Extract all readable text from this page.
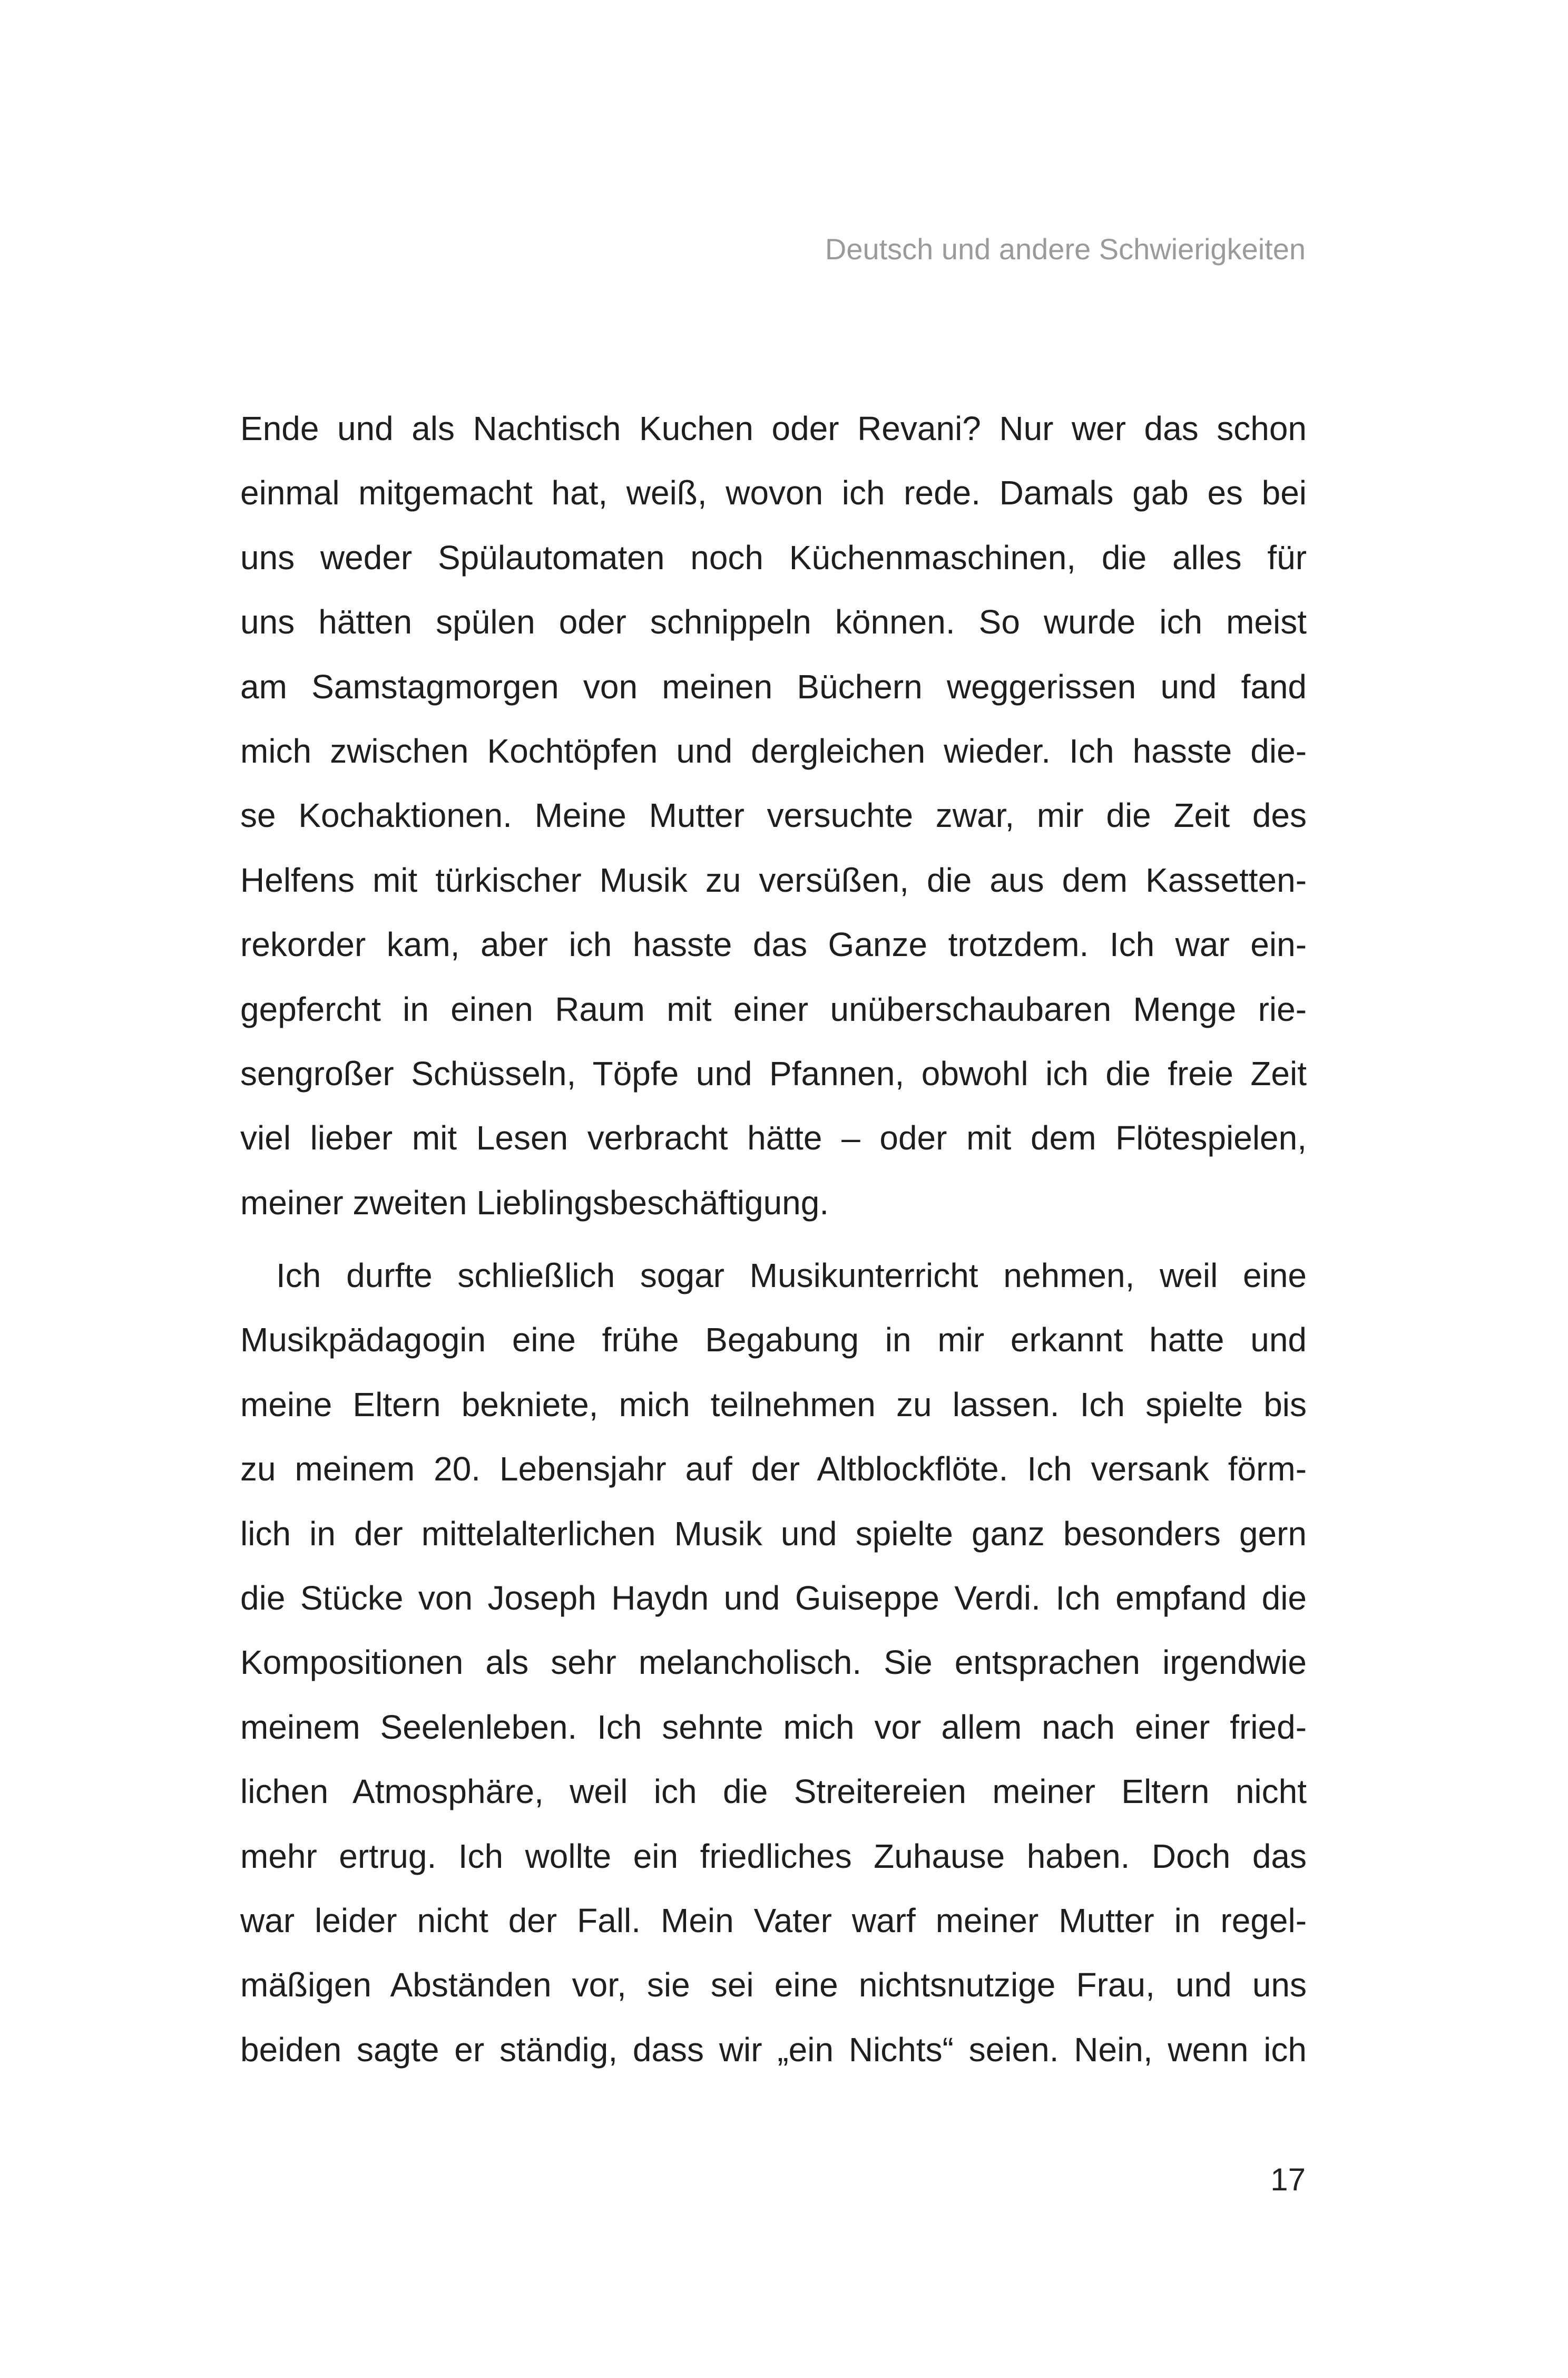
Deutsch und andere Schwierigkeiten
Ende und als Nachtisch Kuchen oder Revani? Nur wer das schon
einmal mitgemacht hat, weiß, wovon ich rede. Damals gab es bei
uns weder Spülautomaten noch Küchenmaschinen, die alles für
uns hätten spülen oder schnippeln können. So wurde ich meist
am Samstagmorgen von meinen Büchern weggerissen und fand
mich zwischen Kochtöpfen und dergleichen wieder. Ich hasste die-
se Kochaktionen. Meine Mutter versuchte zwar, mir die Zeit des
Helfens mit türkischer Musik zu versüßen, die aus dem Kassetten-
rekorder kam, aber ich hasste das Ganze trotzdem. Ich war ein-
gepfercht in einen Raum mit einer unüberschaubaren Menge rie-
sengroßer Schüsseln, Töpfe und Pfannen, obwohl ich die freie Zeit
viel lieber mit Lesen verbracht hätte – oder mit dem Flötespielen,
meiner zweiten Lieblingsbeschäftigung.
Ich durfte schließlich sogar Musikunterricht nehmen, weil eine
Musikpädagogin eine frühe Begabung in mir erkannt hatte und
meine Eltern bekniete, mich teilnehmen zu lassen. Ich spielte bis
zu meinem 20. Lebensjahr auf der Altblockflöte. Ich versank förm-
lich in der mittelalterlichen Musik und spielte ganz besonders gern
die Stücke von Joseph Haydn und Guiseppe Verdi. Ich empfand die
Kompositionen als sehr melancholisch. Sie entsprachen irgendwie
meinem Seelenleben. Ich sehnte mich vor allem nach einer fried-
lichen Atmosphäre, weil ich die Streitereien meiner Eltern nicht
mehr ertrug. Ich wollte ein friedliches Zuhause haben. Doch das
war leider nicht der Fall. Mein Vater warf meiner Mutter in regel-
mäßigen Abständen vor, sie sei eine nichtsnutzige Frau, und uns
beiden sagte er ständig, dass wir „ein Nichts“ seien. Nein, wenn ich
17
